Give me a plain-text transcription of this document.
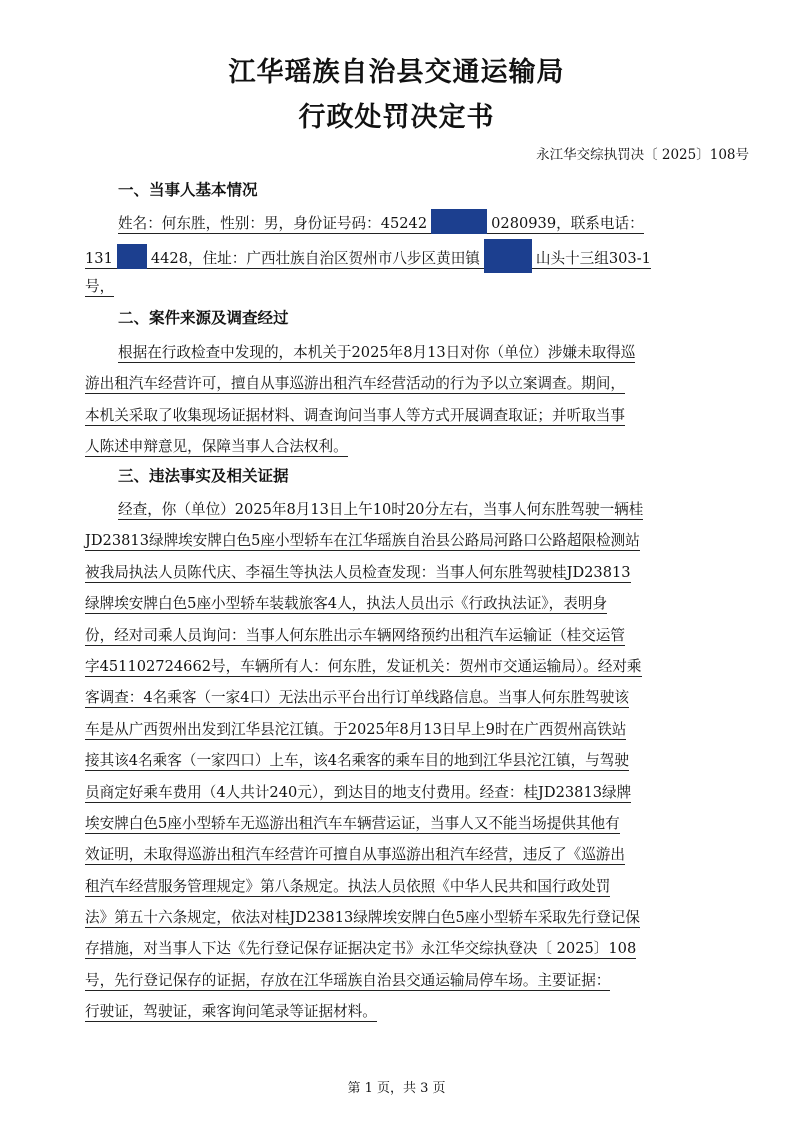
江华瑶族自治县交通运输局
行政处罚决定书
永江华交综执罚决〔 2025〕108号
一、当事人基本情况
姓名：何东胜，性别：男，身份证号码：45242	0280939，联系电话：
131	4428，住址：广西壮族自治区贺州市八步区黄田镇	山头十三组303-1
号，
二、案件来源及调查经过
根据在行政检查中发现的，本机关于2025年8月13日对你（单位）涉嫌未取得巡
游出租汽车经营许可，擅自从事巡游出租汽车经营活动的行为予以立案调查。期间，
本机关采取了收集现场证据材料、调查询问当事人等方式开展调查取证；并听取当事
人陈述申辩意见，保障当事人合法权利。
三、违法事实及相关证据
经查，你（单位）2025年8月13日上午10时20分左右，当事人何东胜驾驶一辆桂
JD23813绿牌埃安牌白色5座小型轿车在江华瑶族自治县公路局河路口公路超限检测站
被我局执法人员陈代庆、李福生等执法人员检查发现：当事人何东胜驾驶桂JD23813
绿牌埃安牌白色5座小型轿车装载旅客4人，执法人员出示《行政执法证》，表明身
份，经对司乘人员询问：当事人何东胜出示车辆网络预约出租汽车运输证（桂交运管
字451102724662号，车辆所有人：何东胜，发证机关：贺州市交通运输局）。经对乘
客调查：4名乘客（一家4口）无法出示平台出行订单线路信息。当事人何东胜驾驶该
车是从广西贺州出发到江华县沱江镇。于2025年8月13日早上9时在广西贺州高铁站
接其该4名乘客（一家四口）上车，该4名乘客的乘车目的地到江华县沱江镇，与驾驶
员商定好乘车费用（4人共计240元），到达目的地支付费用。经查：桂JD23813绿牌
埃安牌白色5座小型轿车无巡游出租汽车车辆营运证，当事人又不能当场提供其他有
效证明，未取得巡游出租汽车经营许可擅自从事巡游出租汽车经营，违反了《巡游出
租汽车经营服务管理规定》第八条规定。执法人员依照《中华人民共和国行政处罚
法》第五十六条规定，依法对桂JD23813绿牌埃安牌白色5座小型轿车采取先行登记保
存措施，对当事人下达《先行登记保存证据决定书》永江华交综执登决〔 2025〕108
号，先行登记保存的证据，存放在江华瑶族自治县交通运输局停车场。主要证据：
行驶证，驾驶证，乘客询问笔录等证据材料。
第 1 页，共 3 页
